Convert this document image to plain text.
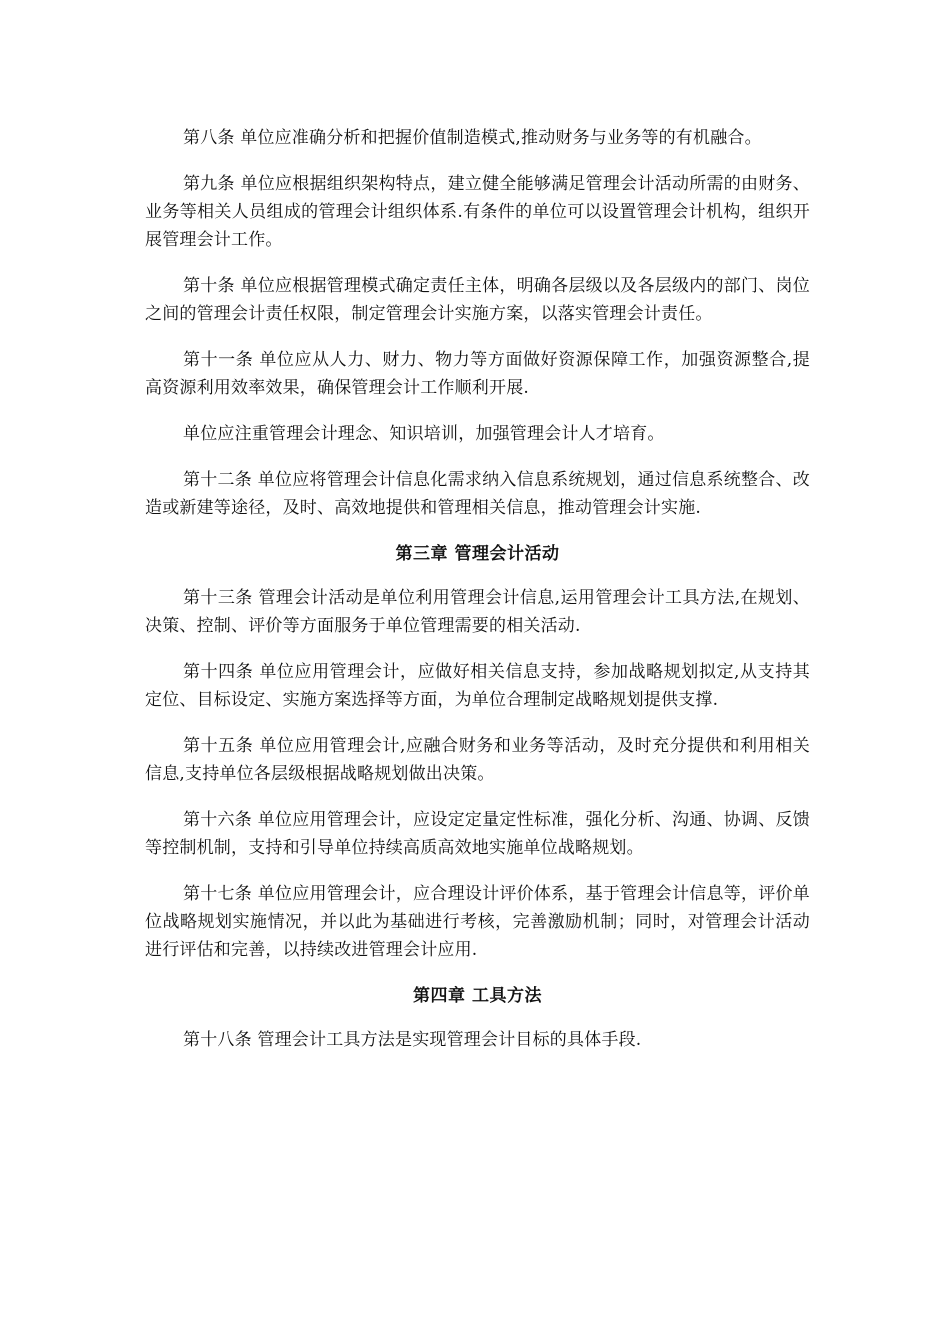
第八条 单位应准确分析和把握价值制造模式,推动财务与业务等的有机融合。

第九条 单位应根据组织架构特点，建立健全能够满足管理会计活动所需的由财务、业务等相关人员组成的管理会计组织体系.有条件的单位可以设置管理会计机构，组织开展管理会计工作。

第十条 单位应根据管理模式确定责任主体，明确各层级以及各层级内的部门、岗位之间的管理会计责任权限，制定管理会计实施方案，以落实管理会计责任。

第十一条 单位应从人力、财力、物力等方面做好资源保障工作，加强资源整合,提高资源利用效率效果，确保管理会计工作顺利开展.

单位应注重管理会计理念、知识培训，加强管理会计人才培育。

第十二条 单位应将管理会计信息化需求纳入信息系统规划，通过信息系统整合、改造或新建等途径，及时、高效地提供和管理相关信息，推动管理会计实施.

第三章 管理会计活动

第十三条 管理会计活动是单位利用管理会计信息,运用管理会计工具方法,在规划、决策、控制、评价等方面服务于单位管理需要的相关活动.

第十四条 单位应用管理会计，应做好相关信息支持，参加战略规划拟定,从支持其定位、目标设定、实施方案选择等方面，为单位合理制定战略规划提供支撑.

第十五条 单位应用管理会计,应融合财务和业务等活动，及时充分提供和利用相关信息,支持单位各层级根据战略规划做出决策。

第十六条 单位应用管理会计，应设定定量定性标准，强化分析、沟通、协调、反馈等控制机制，支持和引导单位持续高质高效地实施单位战略规划。

第十七条 单位应用管理会计，应合理设计评价体系，基于管理会计信息等，评价单位战略规划实施情况，并以此为基础进行考核，完善激励机制；同时，对管理会计活动进行评估和完善，以持续改进管理会计应用.

第四章 工具方法

第十八条 管理会计工具方法是实现管理会计目标的具体手段.
